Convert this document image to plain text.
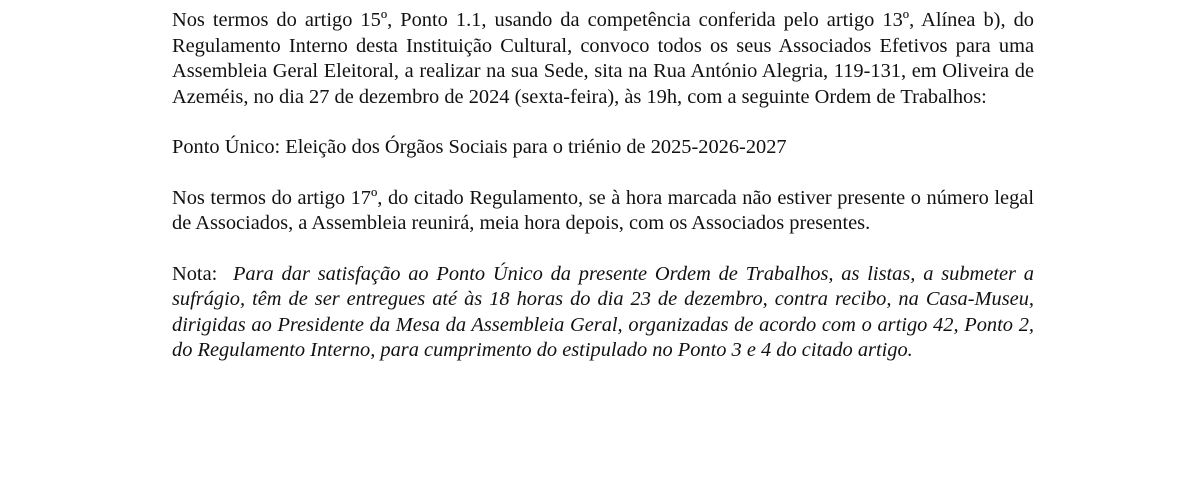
Nos termos do artigo 15º, Ponto 1.1, usando da competência conferida pelo artigo 13º, Alínea b), do Regulamento Interno desta Instituição Cultural, convoco todos os seus Associados Efetivos para uma Assembleia Geral Eleitoral, a realizar na sua Sede, sita na Rua António Alegria, 119-131, em Oliveira de Azeméis, no dia 27 de dezembro de 2024 (sexta-feira), às 19h, com a seguinte Ordem de Trabalhos:

Ponto Único: Eleição dos Órgãos Sociais para o triénio de 2025-2026-2027

Nos termos do artigo 17º, do citado Regulamento, se à hora marcada não estiver presente o número legal de Associados, a Assembleia reunirá, meia hora depois, com os Associados presentes.

Nota: Para dar satisfação ao Ponto Único da presente Ordem de Trabalhos, as listas, a submeter a sufrágio, têm de ser entregues até às 18 horas do dia 23 de dezembro, contra recibo, na Casa-Museu, dirigidas ao Presidente da Mesa da Assembleia Geral, organizadas de acordo com o artigo 42, Ponto 2, do Regulamento Interno, para cumprimento do estipulado no Ponto 3 e 4 do citado artigo.
